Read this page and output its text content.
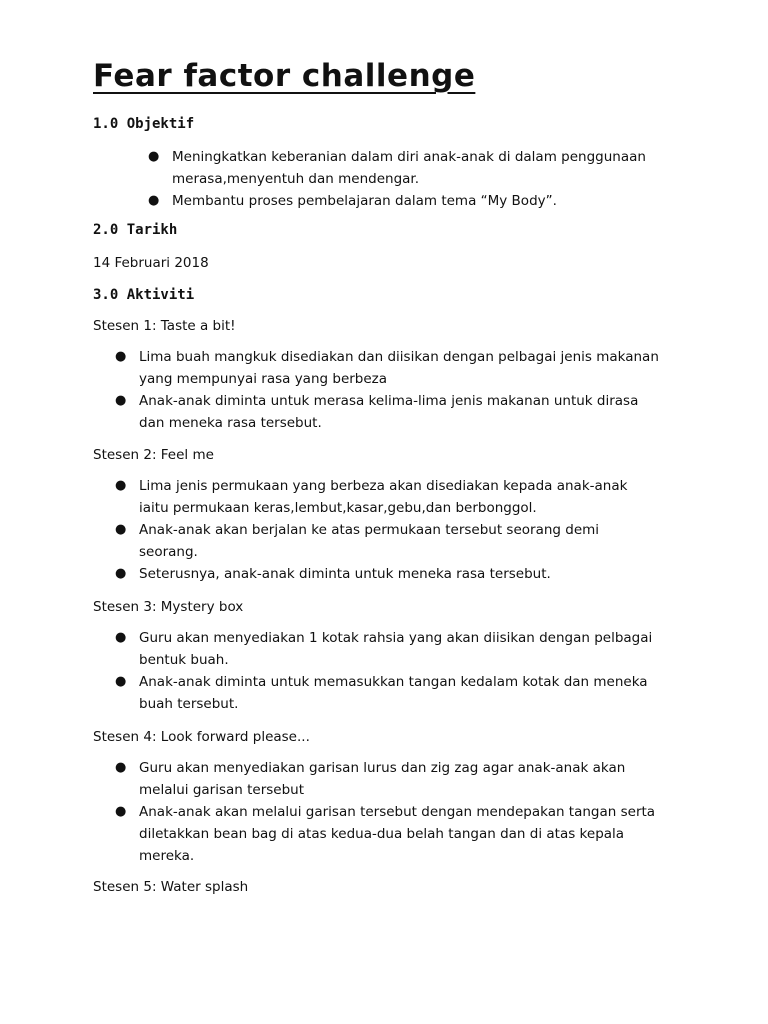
Fear factor challenge
1.0 Objektif
● Meningkatkan keberanian dalam diri anak-anak di dalam penggunaan
merasa,menyentuh dan mendengar.
● Membantu proses pembelajaran dalam tema “My Body”.
2.0 Tarikh

14 Februari 2018

3.0 Aktiviti

Stesen 1: Taste a bit!

● Lima buah mangkuk disediakan dan diisikan dengan pelbagai jenis makanan
yang mempunyai rasa yang berbeza
● Anak-anak diminta untuk merasa kelima-lima jenis makanan untuk dirasa
dan meneka rasa tersebut.

Stesen 2: Feel me

● Lima jenis permukaan yang berbeza akan disediakan kepada anak-anak
iaitu permukaan keras,lembut,kasar,gebu,dan berbonggol.
● Anak-anak akan berjalan ke atas permukaan tersebut seorang demi
seorang.
● Seterusnya, anak-anak diminta untuk meneka rasa tersebut.

Stesen 3: Mystery box

● Guru akan menyediakan 1 kotak rahsia yang akan diisikan dengan pelbagai
bentuk buah.
● Anak-anak diminta untuk memasukkan tangan kedalam kotak dan meneka
buah tersebut.

Stesen 4: Look forward please...

● Guru akan menyediakan garisan lurus dan zig zag agar anak-anak akan
melalui garisan tersebut
● Anak-anak akan melalui garisan tersebut dengan mendepakan tangan serta
diletakkan bean bag di atas kedua-dua belah tangan dan di atas kepala
mereka.

Stesen 5: Water splash
